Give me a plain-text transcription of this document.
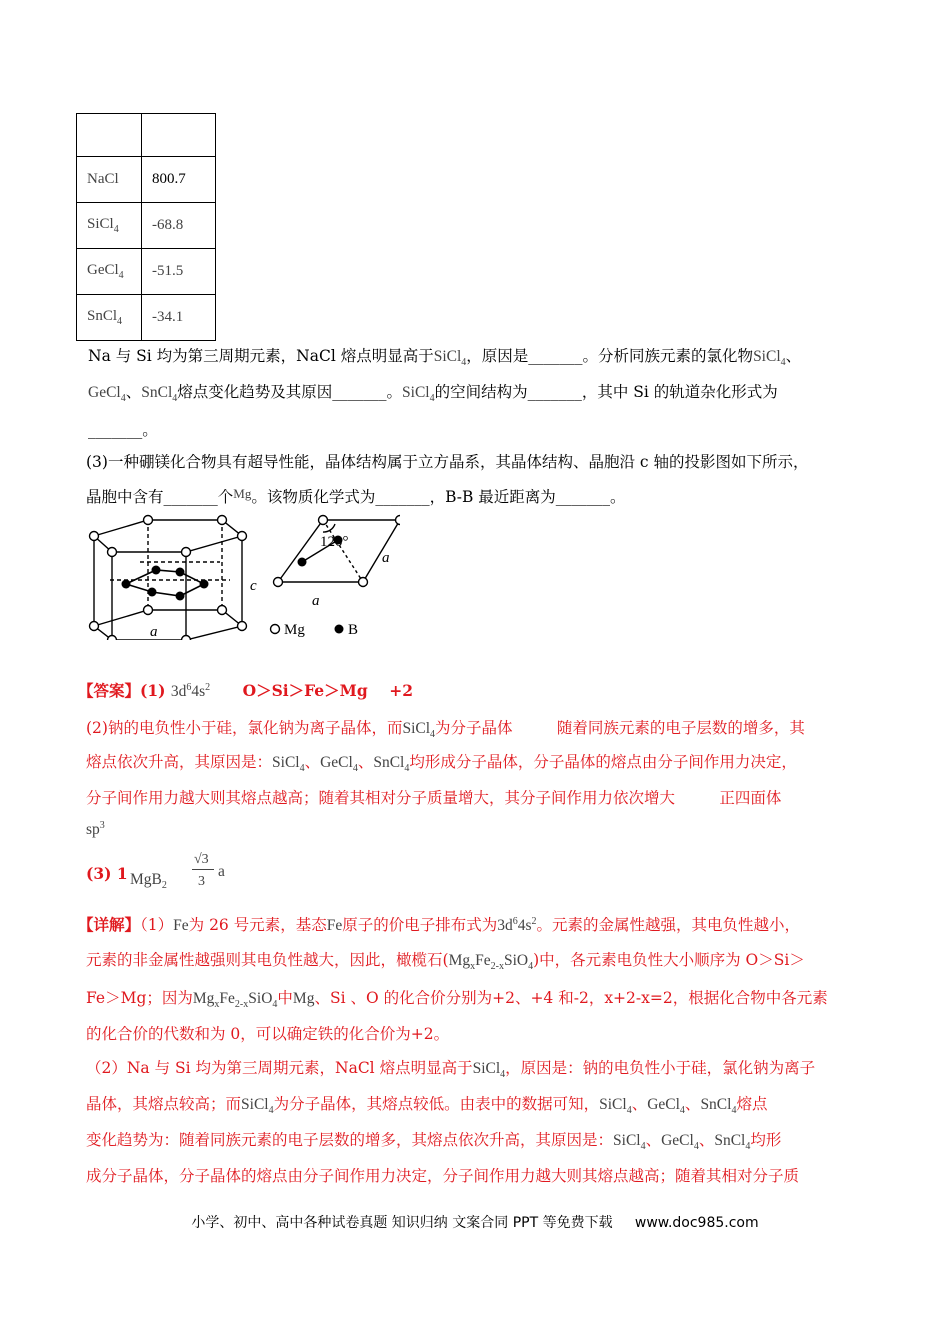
NaCl	800.7
SiCl$_4$	-68.8
GeCl$_4$	-51.5
SnCl$_4$	-34.1
Na 与 Si 均为第三周期元素，NaCl 熔点明显高于SiCl$_4$，原因是_______。分析同族元素的氯化物SiCl$_4$、
GeCl$_4$、SnCl$_4$熔点变化趋势及其原因_______。SiCl$_4$的空间结构为_______，其中 Si 的轨道杂化形式为
_______。
(3)一种硼镁化合物具有超导性能，晶体结构属于立方晶系，其晶体结构、晶胞沿 c 轴的投影图如下所示，
晶胞中含有_______个$^{Mg}$。该物质化学式为_______，B-B 最近距离为_______。
c
a
a
a
120°
Mg	B
【答案】(1) $3d^64s^2$ O＞Si＞Fe＞Mg +2
(2)钠的电负性小于硅，氯化钠为离子晶体，而SiCl$_4$为分子晶体	随着同族元素的电子层数的增多，其
熔点依次升高，其原因是：SiCl$_4$、GeCl$_4$、SnCl$_4$均形成分子晶体，分子晶体的熔点由分子间作用力决定，
分子间作用力越大则其熔点越高；随着其相对分子质量增大，其分子间作用力依次增大	正四面体
$sp^3$
(3) 1 MgB$_2$
√3
3
a
【详解】（1）Fe为 26 号元素，基态Fe原子的价电子排布式为$3d^64s^2$。元素的金属性越强，其电负性越小，
元素的非金属性越强则其电负性越大，因此，橄榄石$(Mg_xFe_{2-x}SiO_4)$中，各元素电负性大小顺序为 O＞Si＞
Fe＞Mg；因为$Mg_xFe_{2-x}SiO_4$中Mg、Si 、O 的化合价分别为+2、+4 和-2，x+2-x=2，根据化合物中各元素
的化合价的代数和为 0，可以确定铁的化合价为+2。
（2）Na 与 Si 均为第三周期元素，NaCl 熔点明显高于SiCl$_4$，原因是：钠的电负性小于硅，氯化钠为离子
晶体，其熔点较高；而SiCl$_4$为分子晶体，其熔点较低。由表中的数据可知，SiCl$_4$、GeCl$_4$、SnCl$_4$熔点
变化趋势为：随着同族元素的电子层数的增多，其熔点依次升高，其原因是：SiCl$_4$、GeCl$_4$、SnCl$_4$均形
成分子晶体，分子晶体的熔点由分子间作用力决定，分子间作用力越大则其熔点越高；随着其相对分子质
小学、初中、高中各种试卷真题 知识归纳 文案合同 PPT 等免费下载 www.doc985.com
